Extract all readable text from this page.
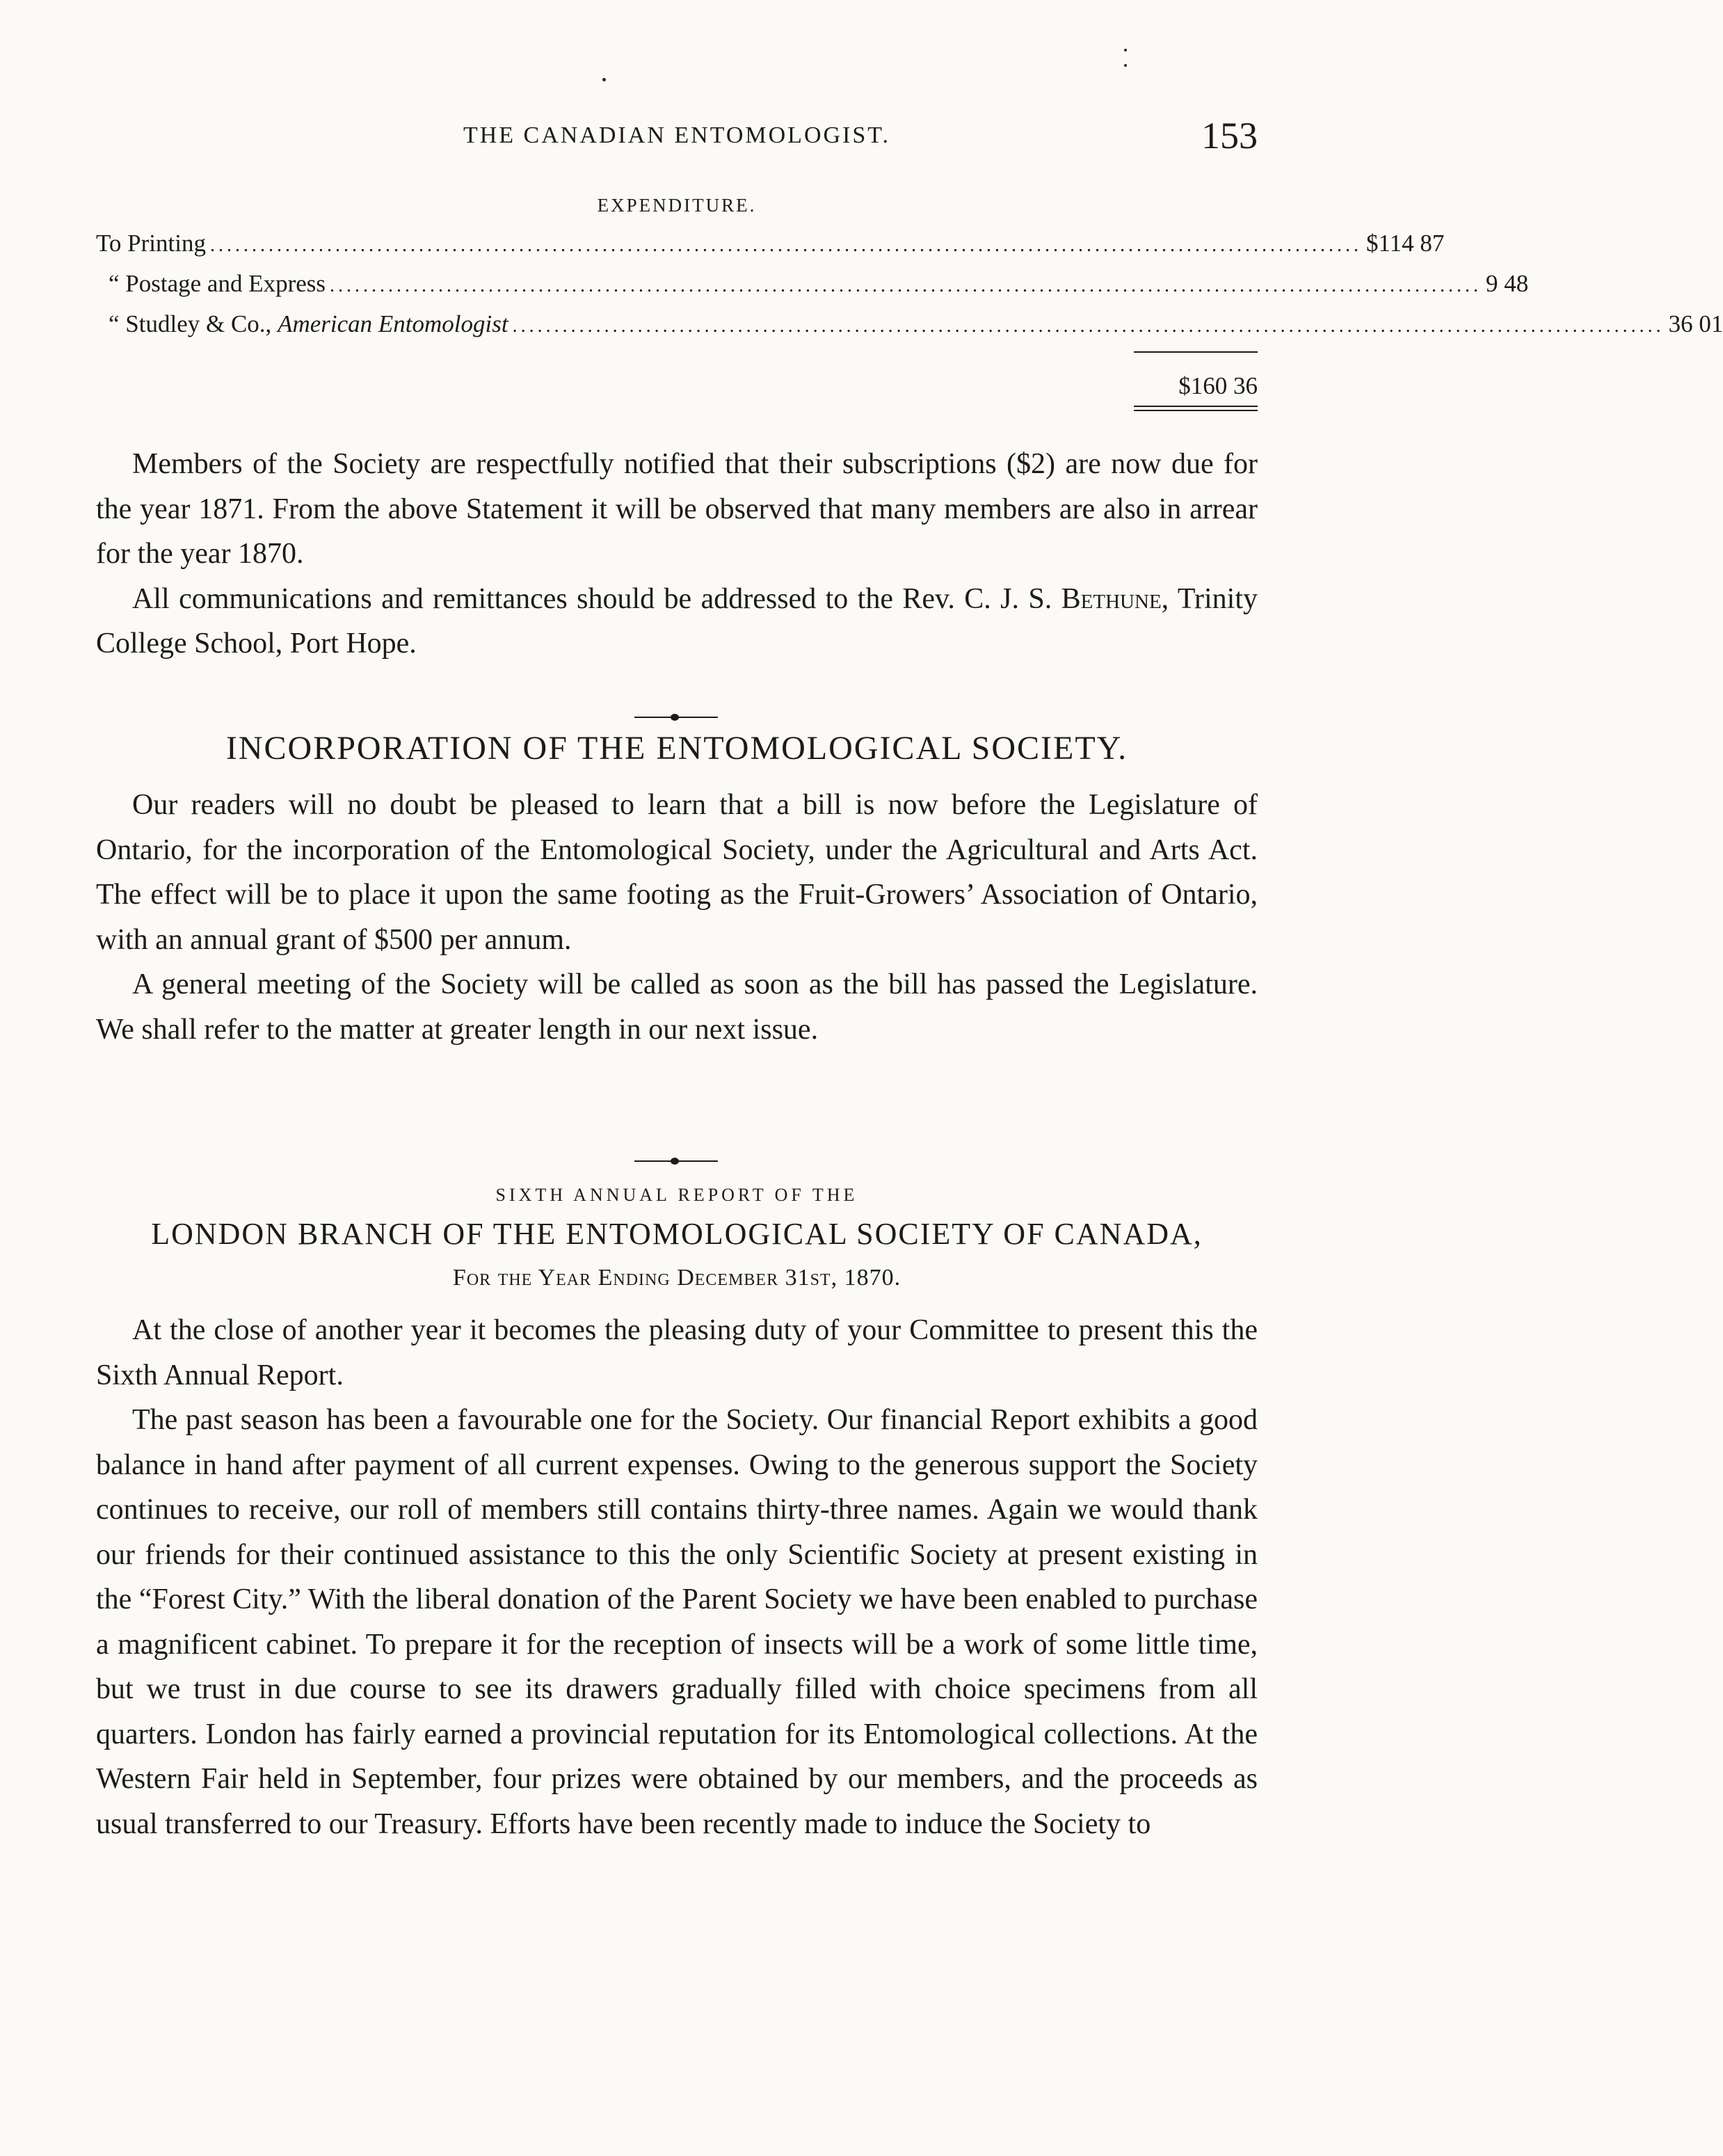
THE CANADIAN ENTOMOLOGIST.	153
EXPENDITURE.
To Printing .......................................................................................................................................... $114 87
“ Postage and Express .......................................................................................................................................... 9 48
“ Studley & Co., American Entomologist .......................................................................................................................................... 36 01
$160 36

Members of the Society are respectfully notified that their subscriptions ($2) are now due for the year 1871. From the above Statement it will be observed that many members are also in arrear for the year 1870.

All communications and remittances should be addressed to the Rev. C. J. S. Bethune, Trinity College School, Port Hope.

INCORPORATION OF THE ENTOMOLOGICAL SOCIETY.

Our readers will no doubt be pleased to learn that a bill is now before the Legislature of Ontario, for the incorporation of the Entomological Society, under the Agricultural and Arts Act. The effect will be to place it upon the same footing as the Fruit-Growers’ Association of Ontario, with an annual grant of $500 per annum.

A general meeting of the Society will be called as soon as the bill has passed the Legislature. We shall refer to the matter at greater length in our next issue.

SIXTH ANNUAL REPORT OF THE
LONDON BRANCH OF THE ENTOMOLOGICAL SOCIETY OF CANADA,
For the Year Ending December 31st, 1870.

At the close of another year it becomes the pleasing duty of your Committee to present this the Sixth Annual Report.

The past season has been a favourable one for the Society. Our financial Report exhibits a good balance in hand after payment of all current expenses. Owing to the generous support the Society continues to receive, our roll of members still contains thirty-three names. Again we would thank our friends for their continued assistance to this the only Scientific Society at present existing in the “Forest City.” With the liberal donation of the Parent Society we have been enabled to purchase a magnificent cabinet. To prepare it for the reception of insects will be a work of some little time, but we trust in due course to see its drawers gradually filled with choice specimens from all quarters. London has fairly earned a provincial reputation for its Entomological collections. At the Western Fair held in September, four prizes were obtained by our members, and the proceeds as usual transferred to our Treasury. Efforts have been recently made to induce the Society to
